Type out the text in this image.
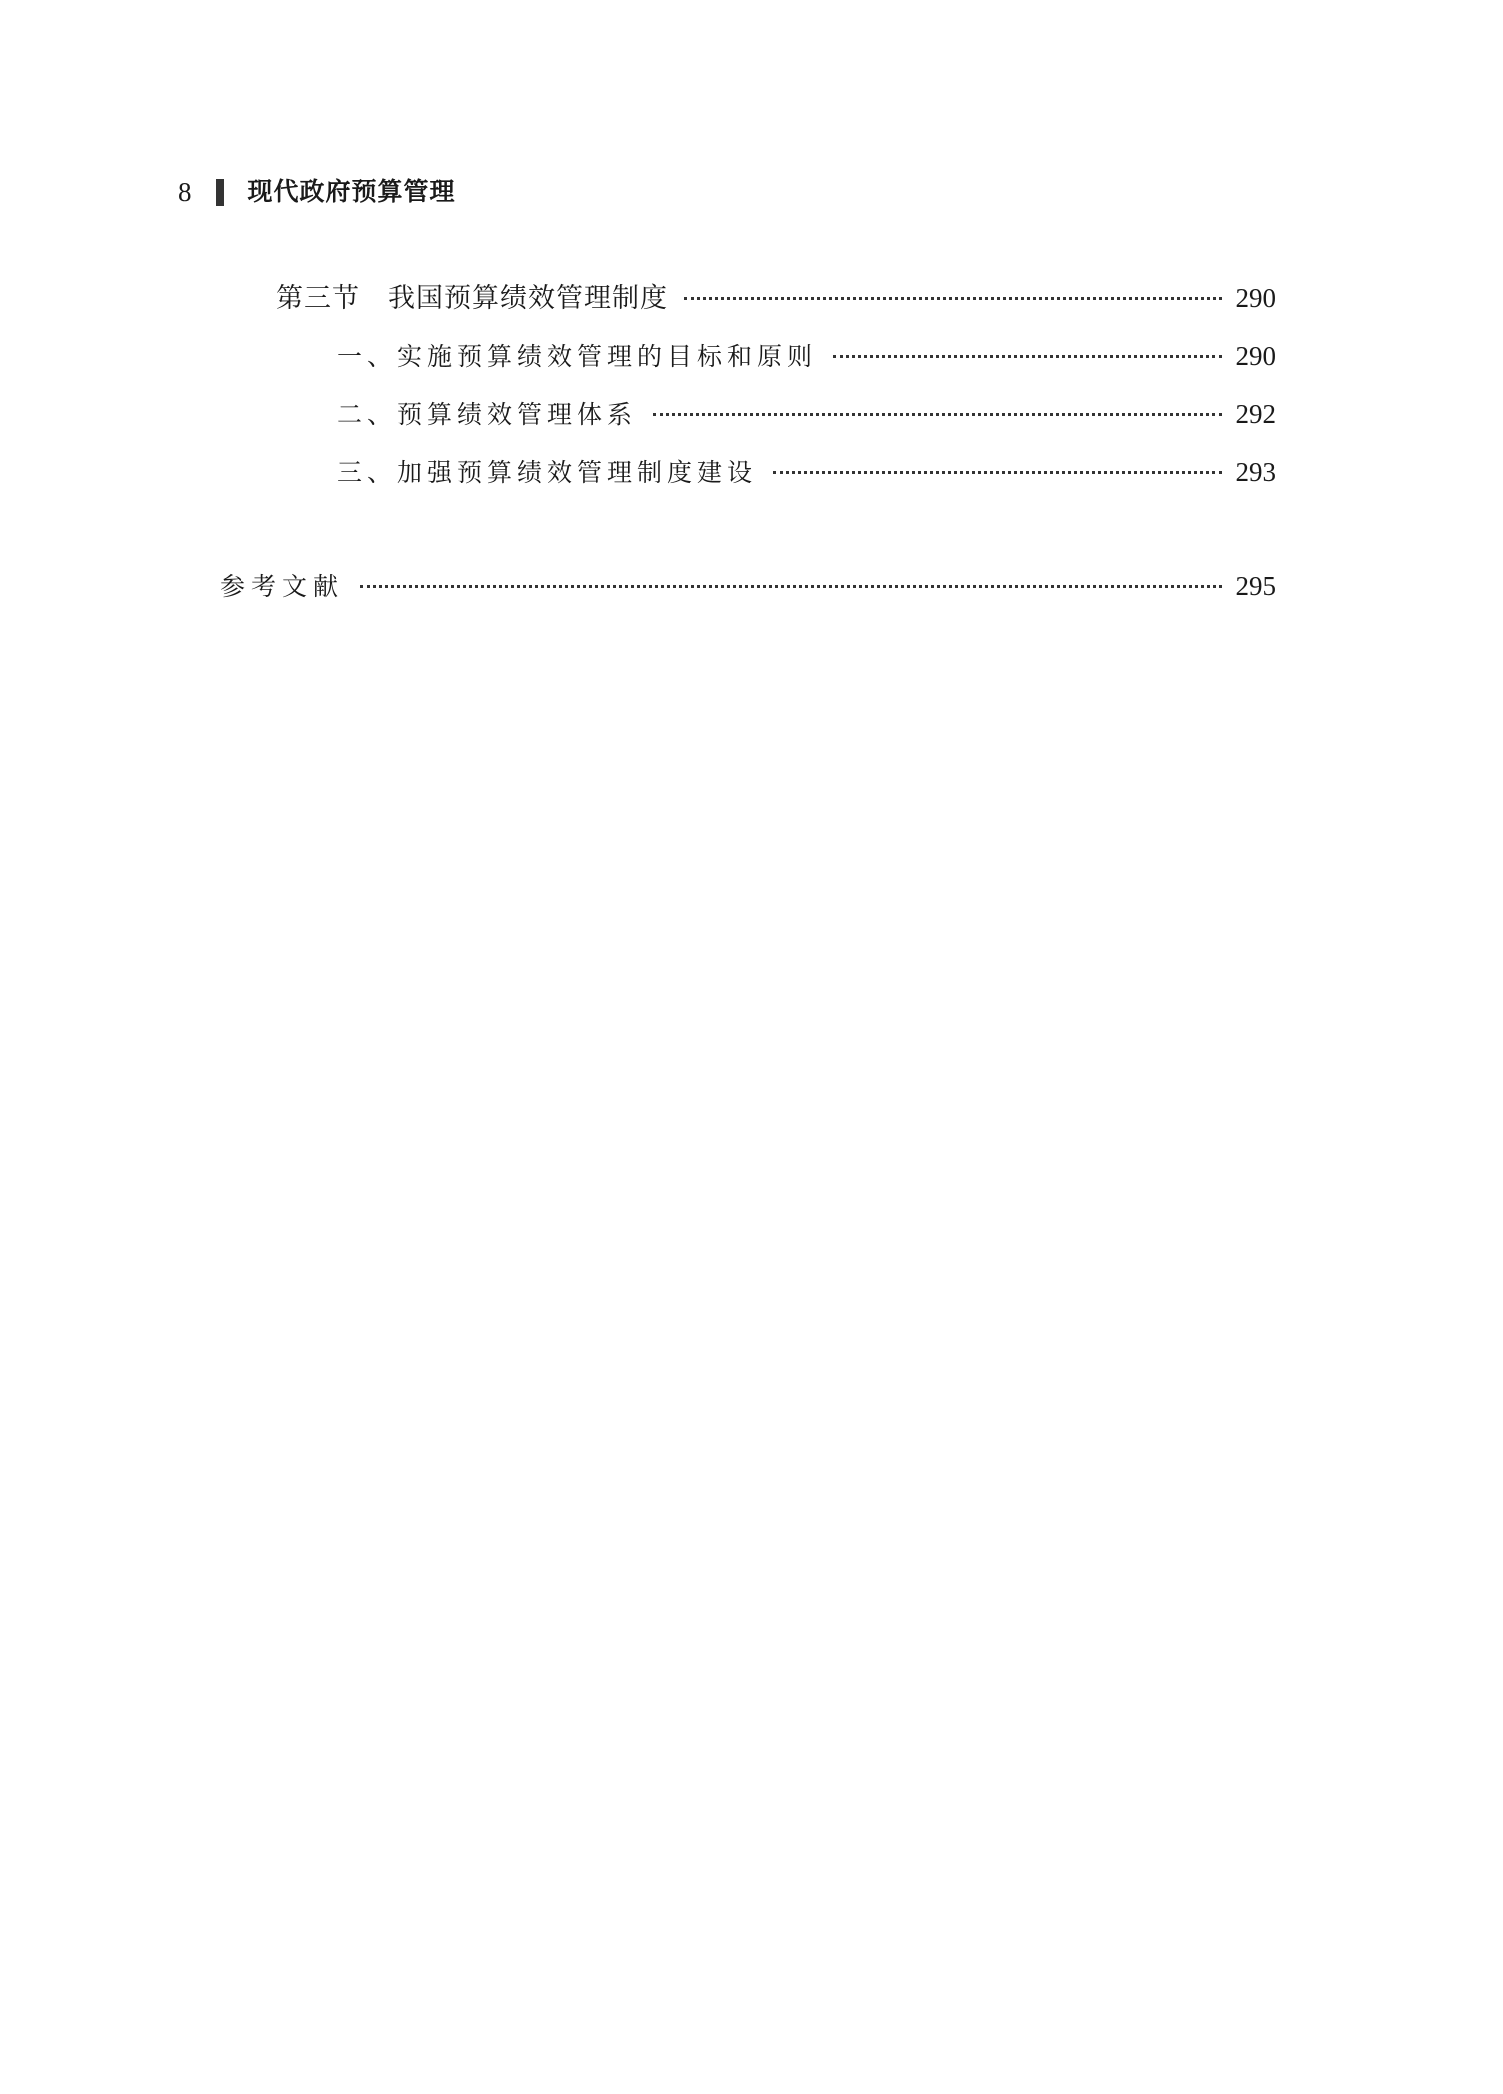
8 现代政府预算管理
第三节　我国预算绩效管理制度	290
一、实施预算绩效管理的目标和原则	290
二、预算绩效管理体系	292
三、加强预算绩效管理制度建设	293
参考文献	295
